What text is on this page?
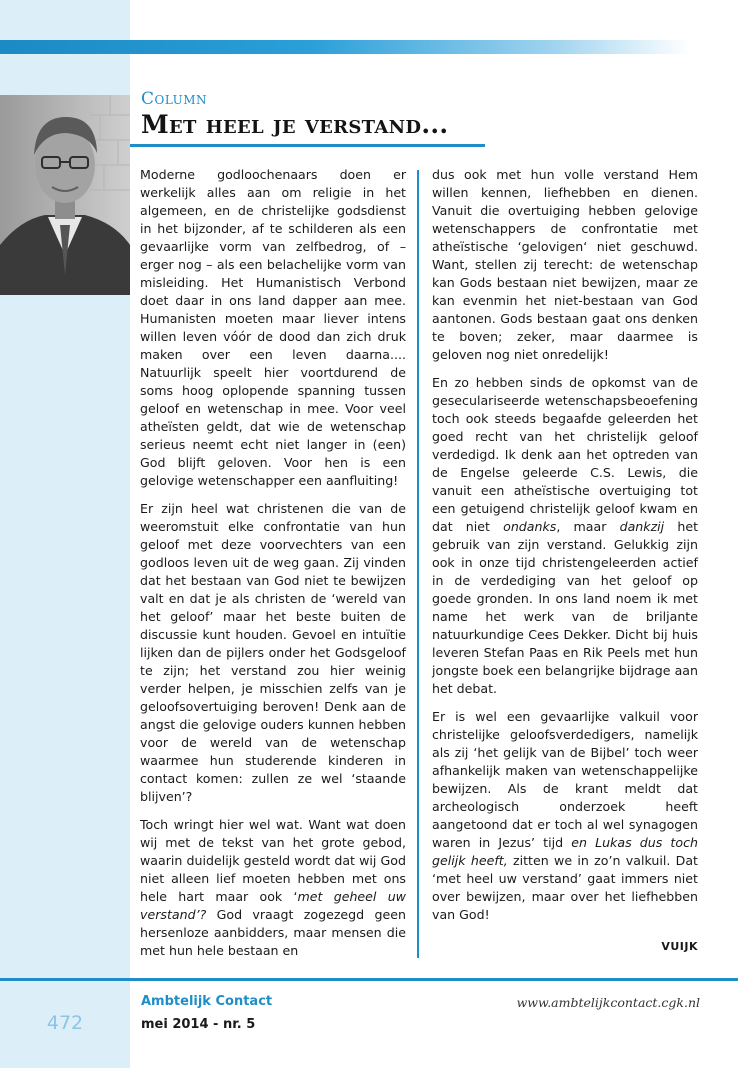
Column
Met heel je verstand...

Moderne godloochenaars doen er werkelijk alles aan om religie in het algemeen, en de christelijke godsdienst in het bijzonder, af te schilderen als een gevaarlijke vorm van zelfbedrog, of – erger nog – als een belachelijke vorm van misleiding. Het Humanistisch Verbond doet daar in ons land dapper aan mee. Humanisten moeten maar liever intens willen leven vóór de dood dan zich druk maken over een leven daarna.... Natuurlijk speelt hier voortdurend de soms hoog oplopende spanning tussen geloof en wetenschap in mee. Voor veel atheïsten geldt, dat wie de wetenschap serieus neemt echt niet langer in (een) God blijft geloven. Voor hen is een gelovige wetenschapper een aanfluiting!

Er zijn heel wat christenen die van de weeromstuit elke confrontatie van hun geloof met deze voorvechters van een godloos leven uit de weg gaan. Zij vinden dat het bestaan van God niet te bewijzen valt en dat je als christen de ‘wereld van het geloof’ maar het beste buiten de discussie kunt houden. Gevoel en intuïtie lijken dan de pijlers onder het Godsgeloof te zijn; het verstand zou hier weinig verder helpen, je misschien zelfs van je geloofsovertuiging beroven! Denk aan de angst die gelovige ouders kunnen hebben voor de wereld van de wetenschap waarmee hun studerende kinderen in contact komen: zullen ze wel ‘staande blijven’?

Toch wringt hier wel wat. Want wat doen wij met de tekst van het grote gebod, waarin duidelijk gesteld wordt dat wij God niet alleen lief moeten hebben met ons hele hart maar ook ‘met geheel uw verstand’? God vraagt zogezegd geen hersenloze aanbidders, maar mensen die met hun hele bestaan en

dus ook met hun volle verstand Hem willen kennen, liefhebben en dienen. Vanuit die overtuiging hebben gelovige wetenschappers de confrontatie met atheïstische ‘gelovigen‘ niet geschuwd. Want, stellen zij terecht: de wetenschap kan Gods bestaan niet bewijzen, maar ze kan evenmin het niet-bestaan van God aantonen. Gods bestaan gaat ons denken te boven; zeker, maar daarmee is geloven nog niet onredelijk!

En zo hebben sinds de opkomst van de geseculariseerde wetenschapsbeoefening toch ook steeds begaafde geleerden het goed recht van het christelijk geloof verdedigd. Ik denk aan het optreden van de Engelse geleerde C.S. Lewis, die vanuit een atheïstische overtuiging tot een getuigend christelijk geloof kwam en dat niet ondanks, maar dankzij het gebruik van zijn verstand. Gelukkig zijn ook in onze tijd christengeleerden actief in de verdediging van het geloof op goede gronden. In ons land noem ik met name het werk van de briljante natuurkundige Cees Dekker. Dicht bij huis leveren Stefan Paas en Rik Peels met hun jongste boek een belangrijke bijdrage aan het debat.

Er is wel een gevaarlijke valkuil voor christelijke geloofsverdedigers, namelijk als zij ‘het gelijk van de Bijbel’ toch weer afhankelijk maken van wetenschappelijke bewijzen. Als de krant meldt dat archeologisch onderzoek heeft aangetoond dat er toch al wel synagogen waren in Jezus’ tijd en Lukas dus toch gelijk heeft, zitten we in zo’n valkuil. Dat ‘met heel uw verstand’ gaat immers niet over bewijzen, maar over het liefhebben van God!

VUIJK
472
Ambtelijk Contact
mei 2014 - nr. 5
www.ambtelijkcontact.cgk.nl
